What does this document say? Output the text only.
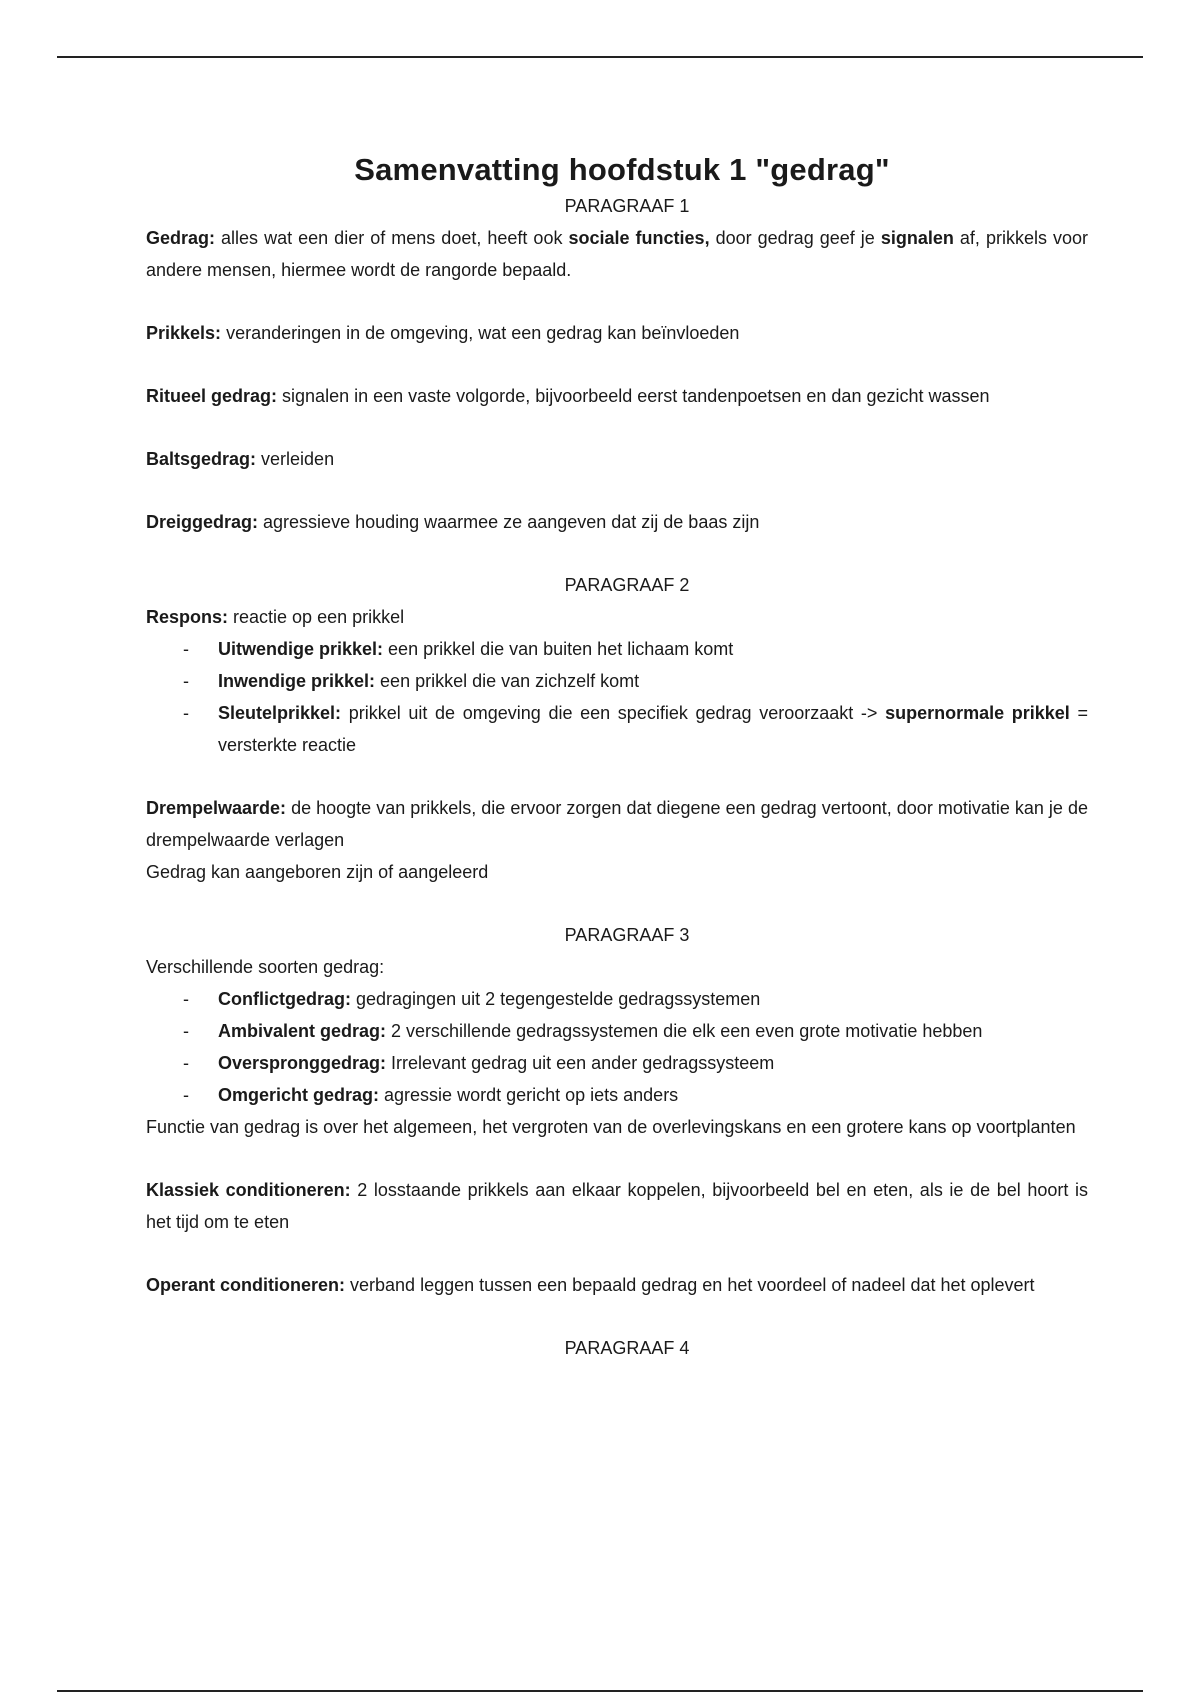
Samenvatting hoofdstuk 1 "gedrag"

PARAGRAAF 1

Gedrag: alles wat een dier of mens doet, heeft ook sociale functies, door gedrag geef je signalen af, prikkels voor andere mensen, hiermee wordt de rangorde bepaald.

Prikkels: veranderingen in de omgeving, wat een gedrag kan beïnvloeden

Ritueel gedrag: signalen in een vaste volgorde, bijvoorbeeld eerst tandenpoetsen en dan gezicht wassen

Baltsgedrag: verleiden

Dreiggedrag: agressieve houding waarmee ze aangeven dat zij de baas zijn

PARAGRAAF 2

Respons: reactie op een prikkel

- Uitwendige prikkel: een prikkel die van buiten het lichaam komt
- Inwendige prikkel: een prikkel die van zichzelf komt
- Sleutelprikkel: prikkel uit de omgeving die een specifiek gedrag veroorzaakt -> supernormale prikkel = versterkte reactie

Drempelwaarde: de hoogte van prikkels, die ervoor zorgen dat diegene een gedrag vertoont, door motivatie kan je de drempelwaarde verlagen

Gedrag kan aangeboren zijn of aangeleerd

PARAGRAAF 3

Verschillende soorten gedrag:

- Conflictgedrag: gedragingen uit 2 tegengestelde gedragssystemen
- Ambivalent gedrag: 2 verschillende gedragssystemen die elk een even grote motivatie hebben
- Overspronggedrag: Irrelevant gedrag uit een ander gedragssysteem
- Omgericht gedrag: agressie wordt gericht op iets anders

Functie van gedrag is over het algemeen, het vergroten van de overlevingskans en een grotere kans op voortplanten

Klassiek conditioneren: 2 losstaande prikkels aan elkaar koppelen, bijvoorbeeld bel en eten, als ie de bel hoort is het tijd om te eten

Operant conditioneren: verband leggen tussen een bepaald gedrag en het voordeel of nadeel dat het oplevert

PARAGRAAF 4
